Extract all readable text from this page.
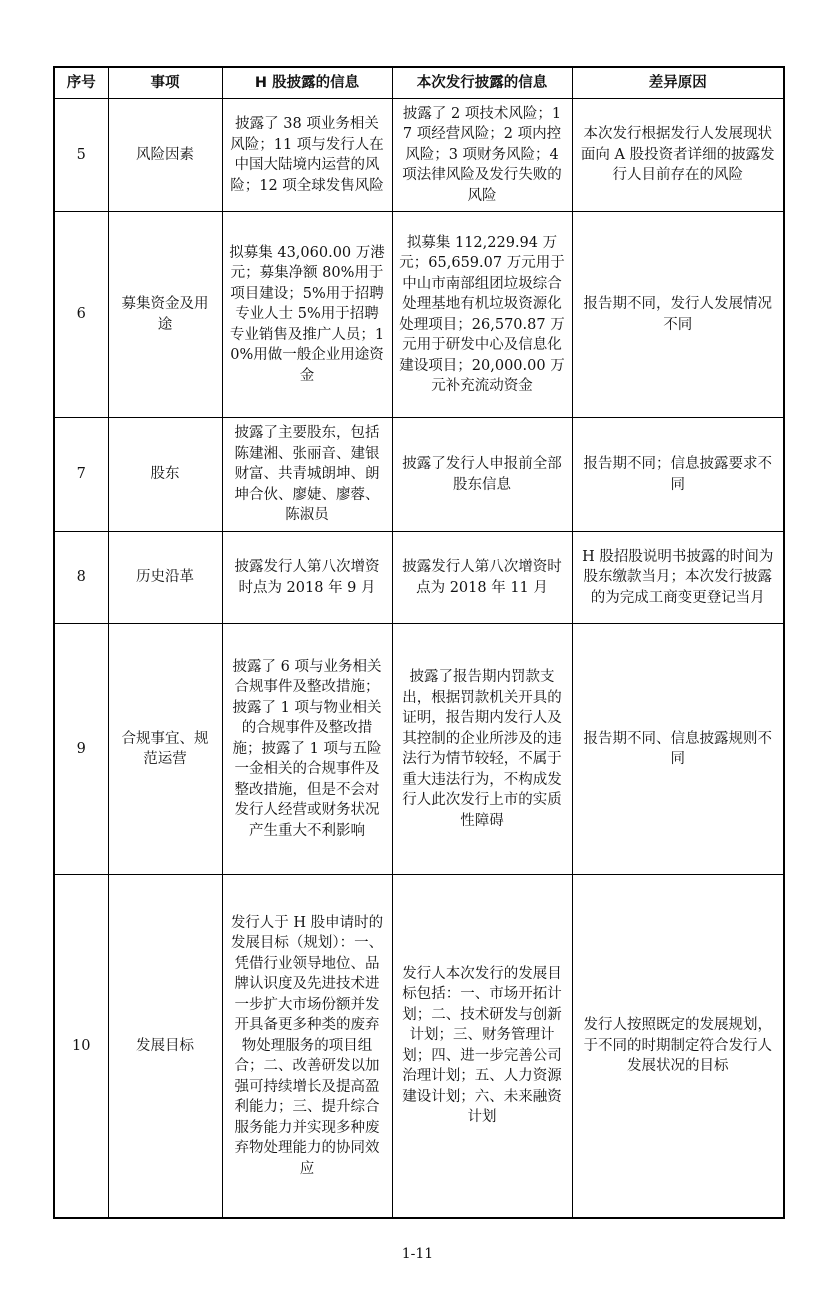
序号	事项	H 股披露的信息	本次发行披露的信息	差异原因
5	风险因素	披露了 38 项业务相关风险；11 项与发行人在中国大陆境内运营的风险；12 项全球发售风险	披露了 2 项技术风险；17 项经营风险；2 项内控风险；3 项财务风险；4 项法律风险及发行失败的风险	本次发行根据发行人发展现状面向 A 股投资者详细的披露发行人目前存在的风险
6	募集资金及用途	拟募集 43,060.00 万港元；募集净额 80%用于项目建设；5%用于招聘专业人士 5%用于招聘专业销售及推广人员；10%用做一般企业用途资金	拟募集 112,229.94 万元；65,659.07 万元用于中山市南部组团垃圾综合处理基地有机垃圾资源化处理项目；26,570.87 万元用于研发中心及信息化建设项目；20,000.00 万元补充流动资金	报告期不同，发行人发展情况不同
7	股东	披露了主要股东，包括陈建湘、张丽音、建银财富、共青城朗坤、朗坤合伙、廖婕、廖蓉、陈淑员	披露了发行人申报前全部股东信息	报告期不同；信息披露要求不同
8	历史沿革	披露发行人第八次增资时点为 2018 年 9 月	披露发行人第八次增资时点为 2018 年 11 月	H 股招股说明书披露的时间为股东缴款当月；本次发行披露的为完成工商变更登记当月
9	合规事宜、规范运营	披露了 6 项与业务相关合规事件及整改措施；披露了 1 项与物业相关的合规事件及整改措施；披露了 1 项与五险一金相关的合规事件及整改措施，但是不会对发行人经营或财务状况产生重大不利影响	披露了报告期内罚款支出，根据罚款机关开具的证明，报告期内发行人及其控制的企业所涉及的违法行为情节较轻，不属于重大违法行为，不构成发行人此次发行上市的实质性障碍	报告期不同、信息披露规则不同
10	发展目标	发行人于 H 股申请时的发展目标（规划）：一、凭借行业领导地位、品牌认识度及先进技术进一步扩大市场份额并发开具备更多种类的废弃物处理服务的项目组合；二、改善研发以加强可持续增长及提高盈利能力；三、提升综合服务能力并实现多种废弃物处理能力的协同效应	发行人本次发行的发展目标包括：一、市场开拓计划；二、技术研发与创新计划；三、财务管理计划；四、进一步完善公司治理计划；五、人力资源建设计划；六、未来融资计划	发行人按照既定的发展规划，于不同的时期制定符合发行人发展状况的目标
1-11
